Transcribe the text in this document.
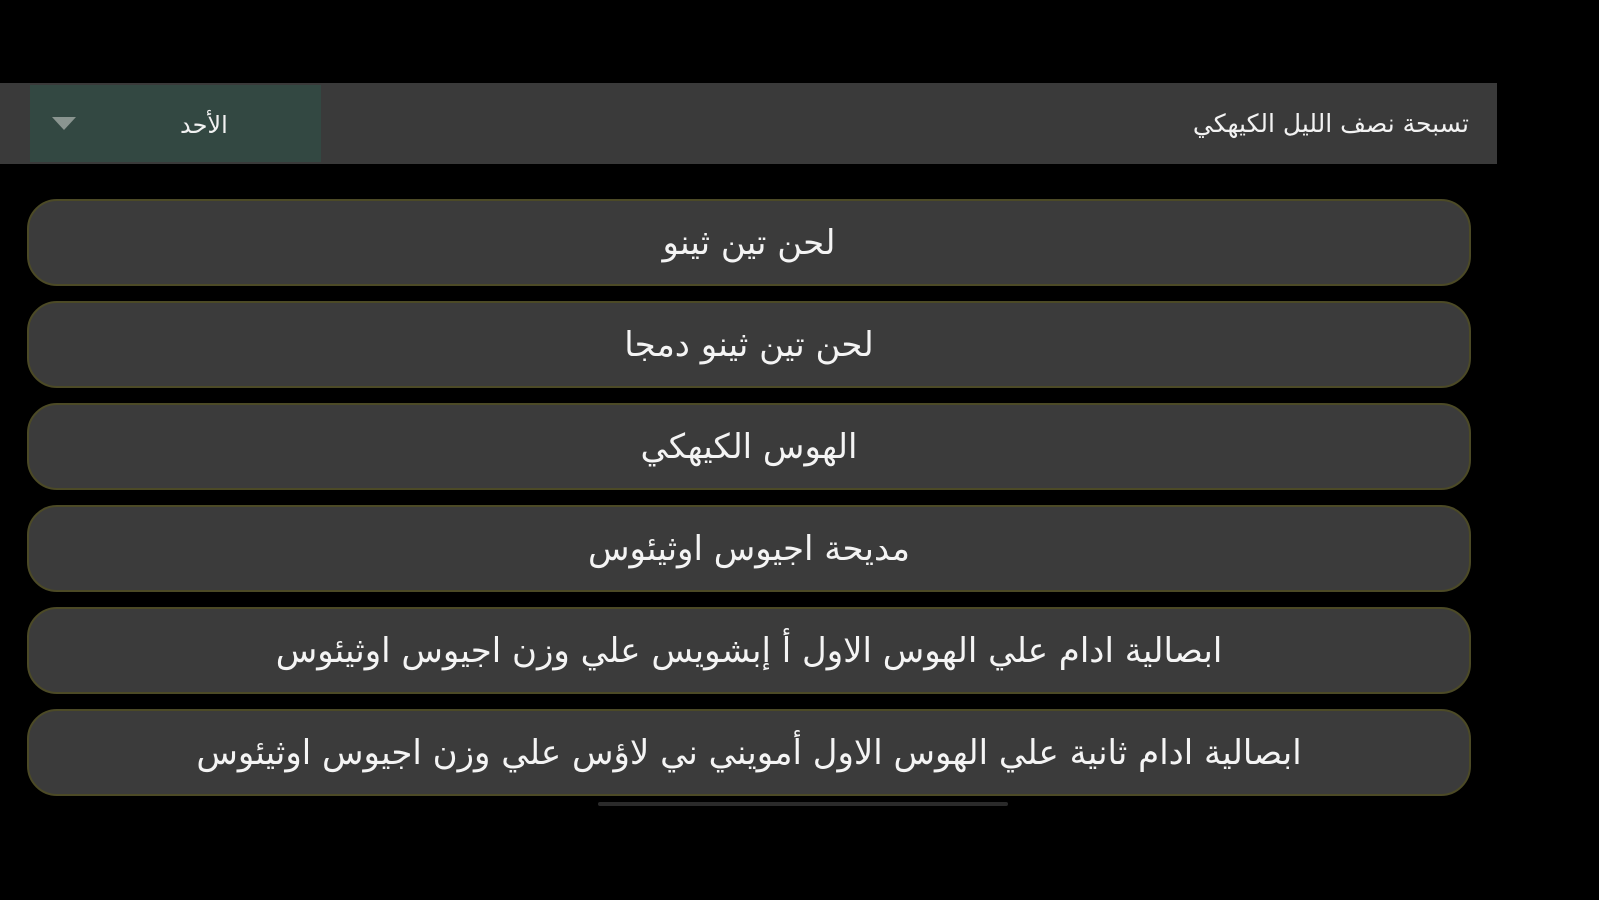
الأحد	تسبحة نصف الليل الكيهكي
لحن تين ثينو
لحن تين ثينو دمجا
الهوس الكيهكي
مديحة اجيوس اوثيئوس
ابصالية ادام علي الهوس الاول أ إبشويس علي وزن اجيوس اوثيئوس
ابصالية ادام ثانية علي الهوس الاول أمويني ني لاؤس علي وزن اجيوس اوثيئوس
